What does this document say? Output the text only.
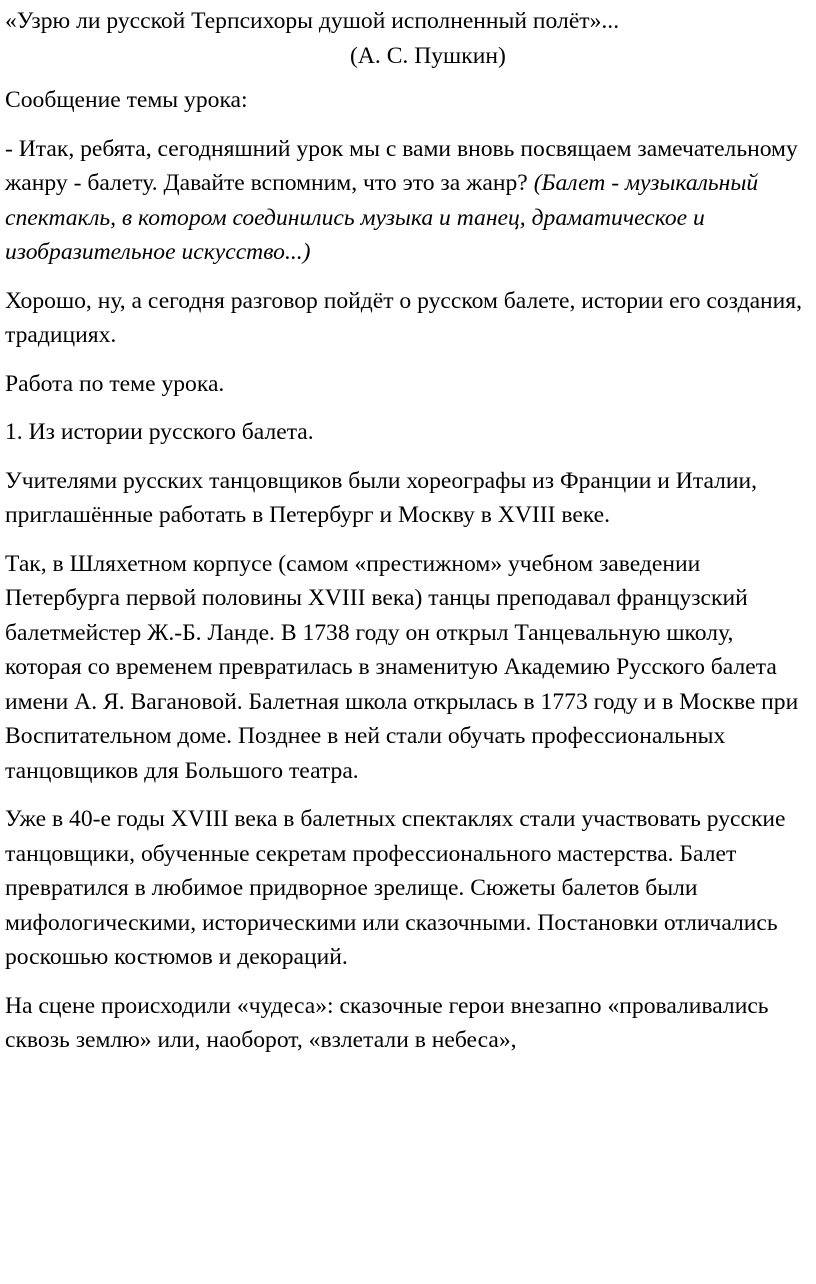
«Узрю ли русской Терпсихоры душой исполненный полёт»...
(А. С. Пушкин)

Сообщение темы урока:

- Итак, ребята, сегодняшний урок мы с вами вновь посвящаем замечательному жанру - балету. Давайте вспомним, что это за жанр? (Балет - музыкальный спектакль, в котором соединились музыка и танец, драматическое и изобразительное искусство...)

Хорошо, ну, а сегодня разговор пойдёт о русском балете, истории его создания, традициях.

Работа по теме урока.

1. Из истории русского балета.

Учителями русских танцовщиков были хореографы из Франции и Италии, приглашённые работать в Петербург и Москву в XVIII веке.

Так, в Шляхетном корпусе (самом «престижном» учебном заведении Петербурга первой половины XVIII века) танцы преподавал французский балетмейстер Ж.-Б. Ланде. В 1738 году он открыл Танцевальную школу, которая со временем превратилась в знаменитую Академию Русского балета имени А. Я. Вагановой. Балетная школа открылась в 1773 году и в Москве при Воспитательном доме. Позднее в ней стали обучать профессиональных танцовщиков для Большого театра.

Уже в 40-е годы XVIII века в балетных спектаклях стали участвовать русские танцовщики, обученные секретам профессионального мастерства. Балет превратился в любимое придворное зрелище. Сюжеты балетов были мифологическими, историческими или сказочными. Постановки отличались роскошью костюмов и декораций.

На сцене происходили «чудеса»: сказочные герои внезапно «проваливались сквозь землю» или, наоборот, «взлетали в небеса»,
